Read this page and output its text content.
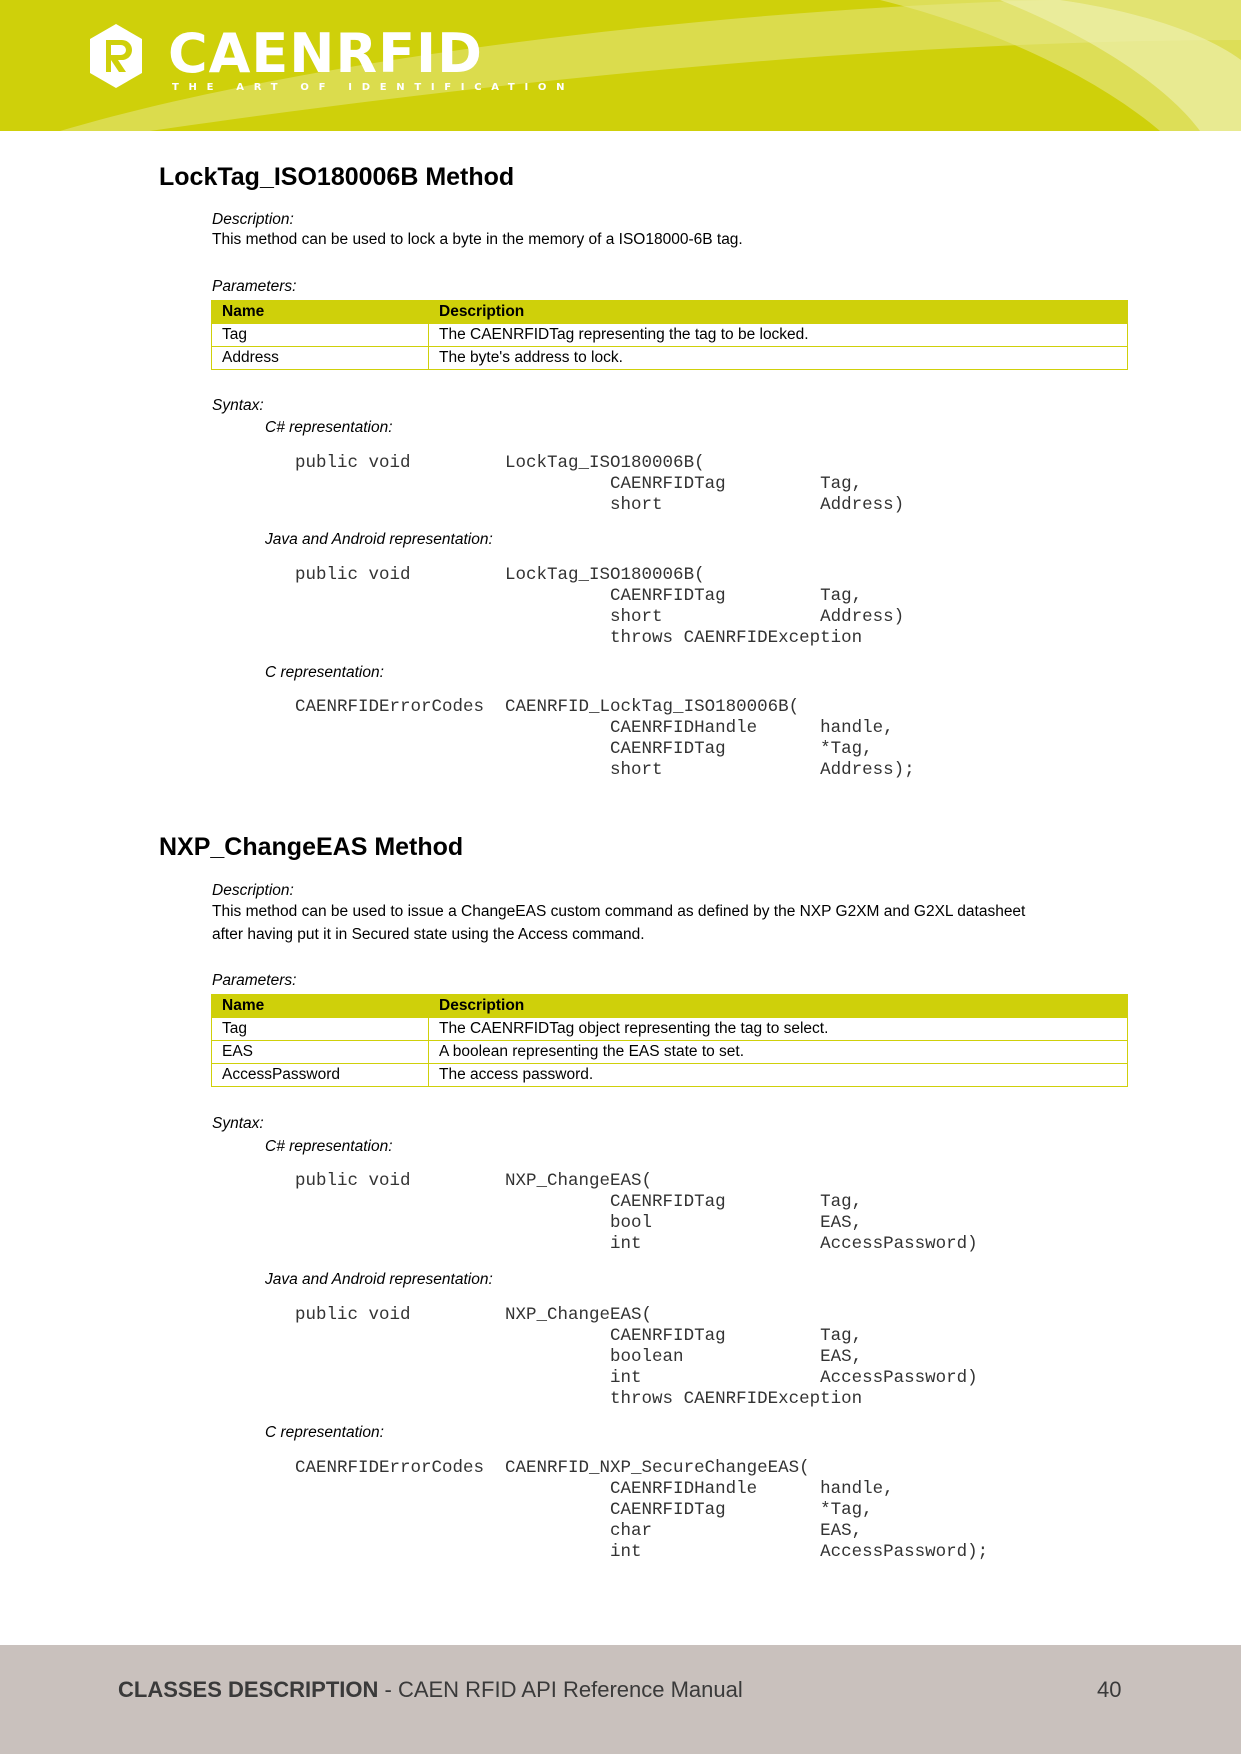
CAENRFID
THE ART OF IDENTIFICATION
LockTag_ISO180006B Method
Description:
This method can be used to lock a byte in the memory of a ISO18000-6B tag.
Parameters:
Name	Description
Tag	The CAENRFIDTag representing the tag to be locked.
Address	The byte's address to lock.
Syntax:
C# representation:
public void         LockTag_ISO180006B(
CAENRFIDTag         Tag,
short               Address)
Java and Android representation:
public void         LockTag_ISO180006B(
CAENRFIDTag         Tag,
short               Address)
throws CAENRFIDException
C representation:
CAENRFIDErrorCodes  CAENRFID_LockTag_ISO180006B(
CAENRFIDHandle      handle,
CAENRFIDTag         *Tag,
short               Address);
NXP_ChangeEAS Method
Description:
This method can be used to issue a ChangeEAS custom command as defined by the NXP G2XM and G2XL datasheet
after having put it in Secured state using the Access command.
Parameters:
Name	Description
Tag	The CAENRFIDTag object representing the tag to select.
EAS	A boolean representing the EAS state to set.
AccessPassword	The access password.
Syntax:
C# representation:
public void         NXP_ChangeEAS(
CAENRFIDTag         Tag,
bool                EAS,
int                 AccessPassword)
Java and Android representation:
public void         NXP_ChangeEAS(
CAENRFIDTag         Tag,
boolean             EAS,
int                 AccessPassword)
throws CAENRFIDException
C representation:
CAENRFIDErrorCodes  CAENRFID_NXP_SecureChangeEAS(
CAENRFIDHandle      handle,
CAENRFIDTag         *Tag,
char                EAS,
int                 AccessPassword);
CLASSES DESCRIPTION - CAEN RFID API Reference Manual	40
